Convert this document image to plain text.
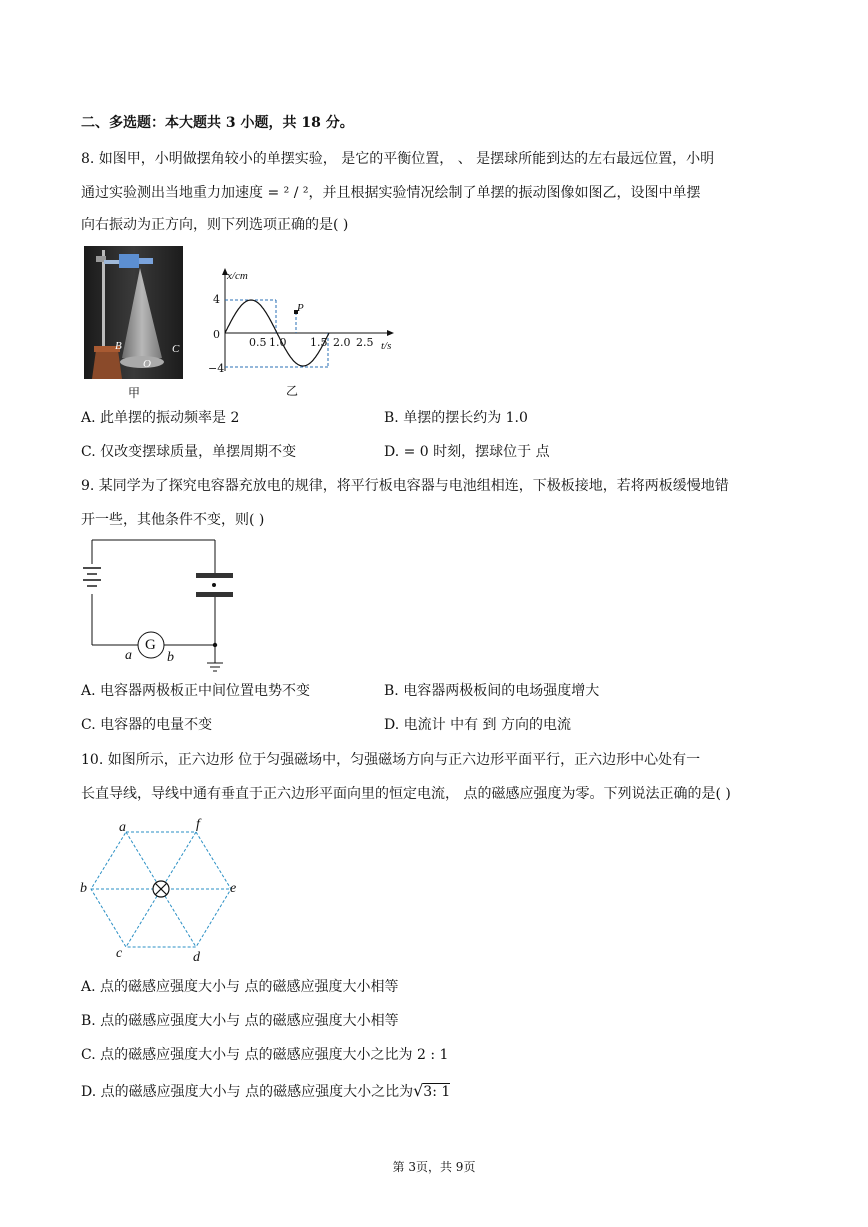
二、多选题：本大题共 3 小题，共 18 分。
8. 如图甲，小明做摆角较小的单摆实验， 是它的平衡位置， 、 是摆球所能到达的左右最远位置，小明
通过实验测出当地重力加速度 = ² / ²，并且根据实验情况绘制了单摆的振动图像如图乙，设图中单摆
向右振动为正方向，则下列选项正确的是( )
B
O
C
甲
x/cm
t/s
4
0
−4
0.5 1.0 1.5 2.0 2.5
P
乙
A. 此单摆的振动频率是 2	B. 单摆的摆长约为 1.0
C. 仅改变摆球质量，单摆周期不变	D. = 0 时刻，摆球位于 点
9. 某同学为了探究电容器充放电的规律，将平行板电容器与电池组相连，下极板接地，若将两板缓慢地错
开一些，其他条件不变，则( )
G
a	b
A. 电容器两极板正中间位置电势不变	B. 电容器两极板间的电场强度增大
C. 电容器的电量不变	D. 电流计 中有 到 方向的电流
10. 如图所示，正六边形 位于匀强磁场中，匀强磁场方向与正六边形平面平行，正六边形中心处有一
长直导线，导线中通有垂直于正六边形平面向里的恒定电流， 点的磁感应强度为零。下列说法正确的是( )
a	f
b	e
c	d
A. 点的磁感应强度大小与 点的磁感应强度大小相等
B. 点的磁感应强度大小与 点的磁感应强度大小相等
C. 点的磁感应强度大小与 点的磁感应强度大小之比为 2 : 1
D. 点的磁感应强度大小与 点的磁感应强度大小之比为√3: 1
第 3页，共 9页
